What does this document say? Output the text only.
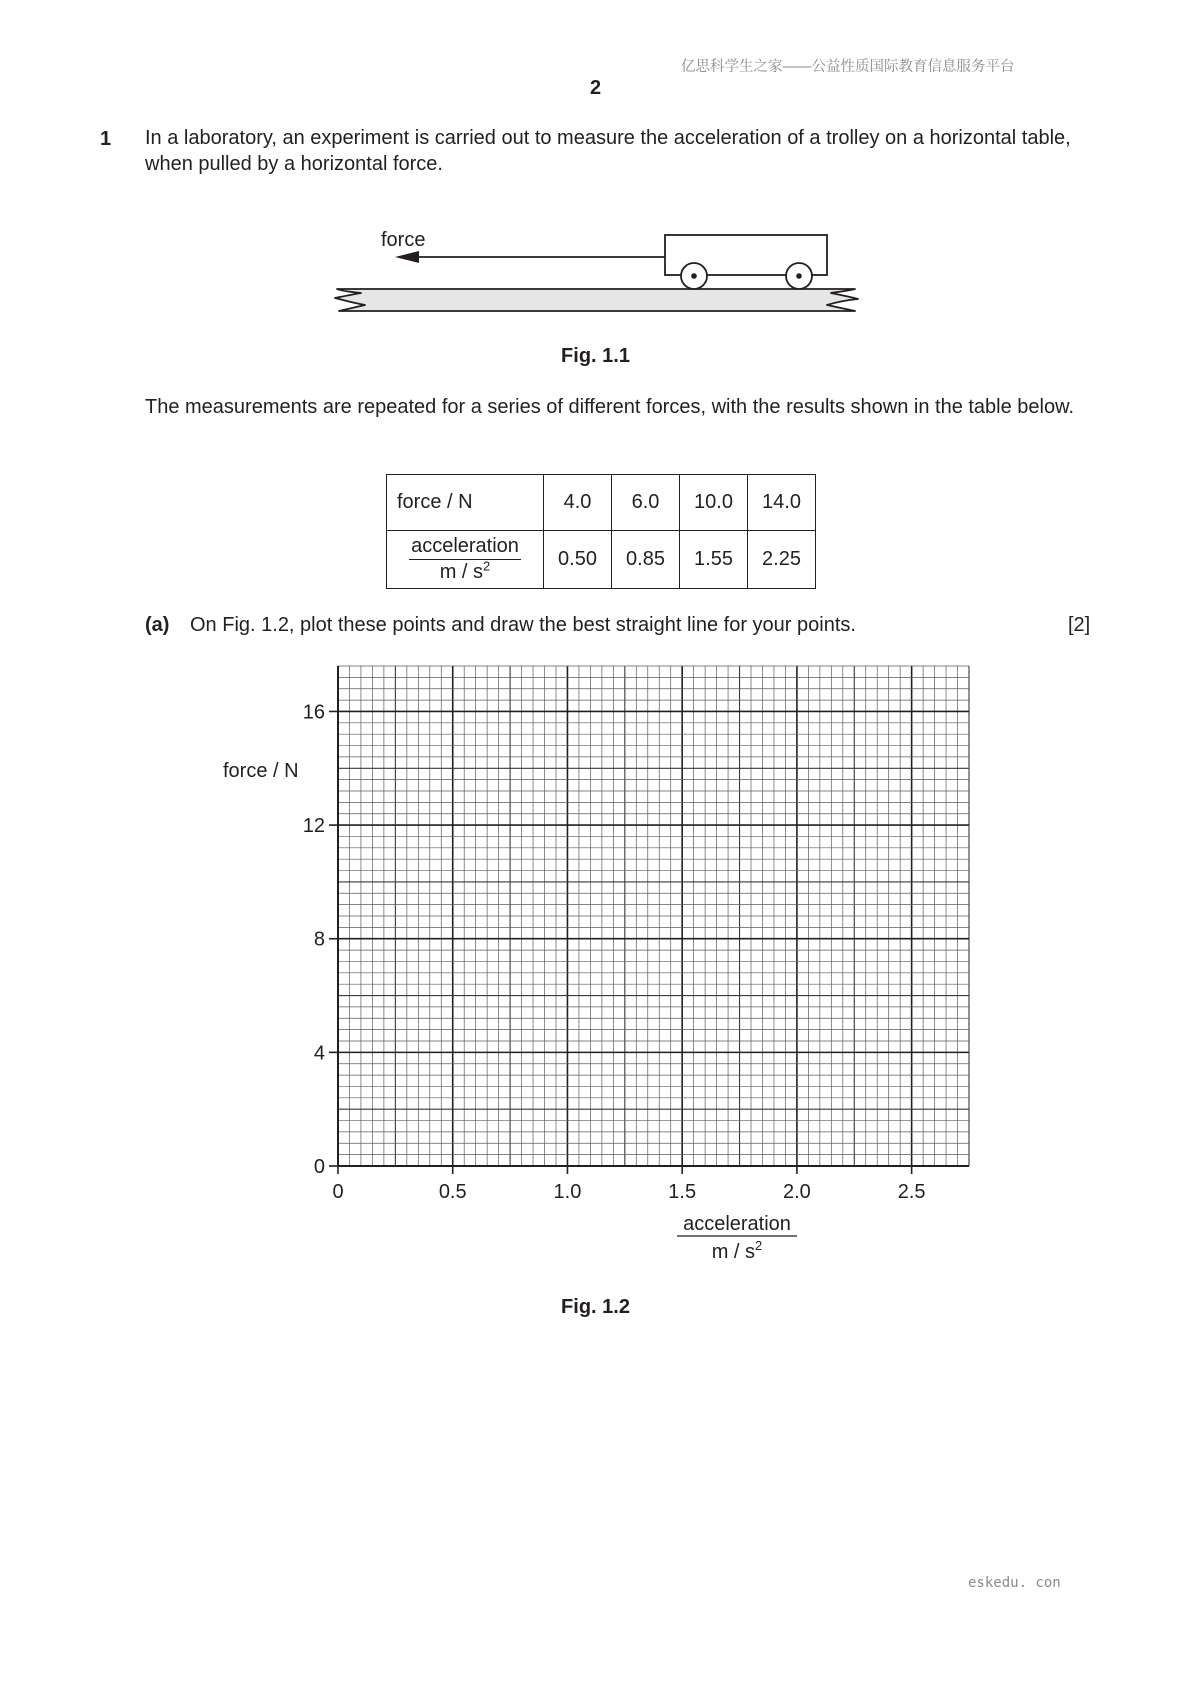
亿思科学生之家——公益性质国际教育信息服务平台
2
1 In a laboratory, an experiment is carried out to measure the acceleration of a trolley on a horizontal table, when pulled by a horizontal force.
force
Fig. 1.1
The measurements are repeated for a series of different forces, with the results shown in the table below.
force / N	4.0	6.0	10.0	14.0

$\frac{\text{acceleration}}{m / s^2}$	0.50	0.85	1.55	2.25
(a) On Fig. 1.2, plot these points and draw the best straight line for your points.	[2]
0	0.5	1.0	1.5	2.0	2.5
0
4
8
12
16
force / N
acceleration
m / $s^2$
Fig. 1.2
eskedu. con
